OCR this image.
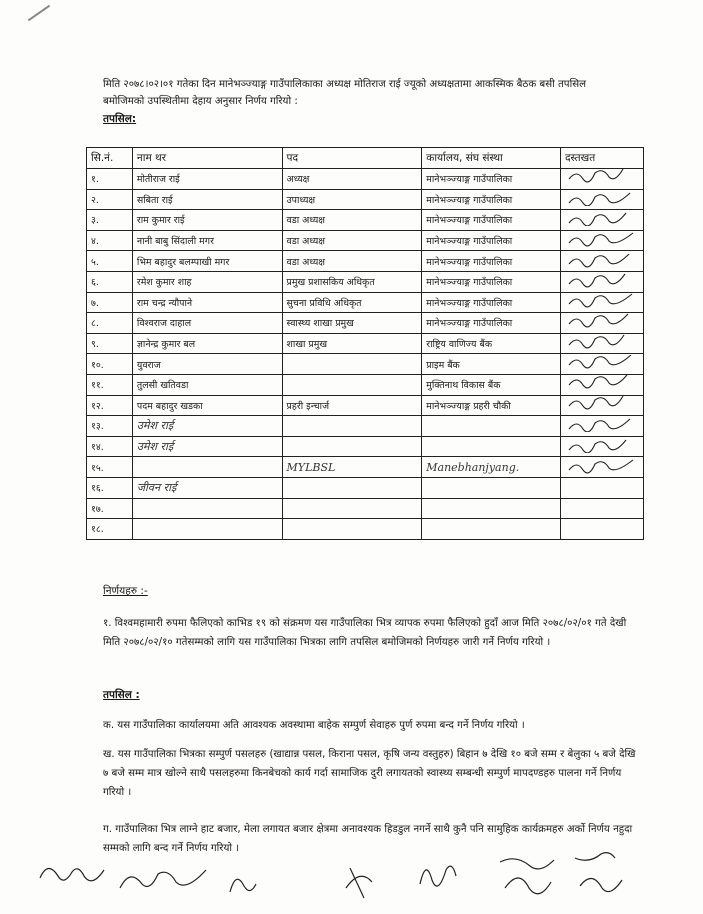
मिति २०७८।०२।०१ गतेका दिन मानेभञ्ज्याङ्ग गाउँपालिकाका अध्यक्ष मोतिराज राई ज्यूको अध्यक्षतामा आकस्मिक बैठक बसी तपसिल बमोजिमको उपस्थितीमा देहाय अनुसार निर्णय गरियो :
तपसिल:
सि.नं.	नाम थर	पद	कार्यालय, संघ संस्था	दस्तखत
१.	मोतीराज राई	अध्यक्ष	मानेभञ्ज्याङ्ग गाउँपालिका	
२.	सबिता राई	उपाध्यक्ष	मानेभञ्ज्याङ्ग गाउँपालिका	
३.	राम कुमार राई	वडा अध्यक्ष	मानेभञ्ज्याङ्ग गाउँपालिका	
४.	नानी बाबु सिंदाली मगर	वडा अध्यक्ष	मानेभञ्ज्याङ्ग गाउँपालिका	
५.	भिम बहादुर बलम्पाखी मगर	वडा अध्यक्ष	मानेभञ्ज्याङ्ग गाउँपालिका	
६.	रमेश कुमार शाह	प्रमुख प्रशासकिय अधिकृत	मानेभञ्ज्याङ्ग गाउँपालिका	
७.	राम चन्द्र न्यौपाने	सुचना प्रविधि अधिकृत	मानेभञ्ज्याङ्ग गाउँपालिका	
८.	विश्वराज दाहाल	स्वास्थ्य शाखा प्रमुख	मानेभञ्ज्याङ्ग गाउँपालिका	
९.	ज्ञानेन्द्र कुमार बल	शाखा प्रमुख	राष्ट्रिय वाणिज्य बैंक	
१०.	युवराज		प्राइम बैंक	
११.	तुलसी खतिवडा		मुक्तिनाथ विकास बैंक	
१२.	पदम बहादुर खडका	प्रहरी इन्चार्ज	मानेभञ्ज्याङ्ग प्रहरी चौकी	
१३.	उमेश राई			
१४.	उमेश राई			
१५.		MYLBSL	Manebhanjyang.	
१६.	जीवन राई			
१७.				
१८.				
निर्णयहरु :-
१. विश्वमहामारी रुपमा फैलिएको काभिड १९ को संक्रमण यस गाउँपालिका भित्र व्यापक रुपमा फैलिएको हुदाँ आज मिति २०७८/०२/०१ गते देखी मिति २०७८/०२/१० गतेसम्मको लागि यस गाउँपालिका भित्रका लागि तपसिल बमोजिमको निर्णयहरु जारी गर्ने निर्णय गरियो ।
तपसिल :
क. यस गाउँपालिका कार्यालयमा अति आवश्यक अवस्थामा बाहेक सम्पुर्ण सेवाहरु पुर्ण रुपमा बन्द गर्ने निर्णय गरियो ।
ख. यस गाउँपालिका भित्रका सम्पुर्ण पसलहरु (खाद्यान्न पसल, किराना पसल, कृषि जन्य वस्तुहरु) बिहान ७ देखि १० बजे सम्म र बेलुका ५ बजे देखि ७ बजे सम्म मात्र खोल्ने साथै पसलहरुमा किनबेचको कार्य गर्दा सामाजिक दुरी लगायतको स्वास्थ्य सम्बन्धी सम्पुर्ण मापदण्डहरु पालना गर्ने निर्णय गरियो ।
ग. गाउँपालिका भित्र लाग्ने हाट बजार, मेला लगायत बजार क्षेत्रमा अनावश्यक हिडडुल नगर्ने साथै कुनै पनि सामुहिक कार्यक्रमहरु अर्को निर्णय नहुदा सम्मको लागि बन्द गर्ने निर्णय गरियो ।
